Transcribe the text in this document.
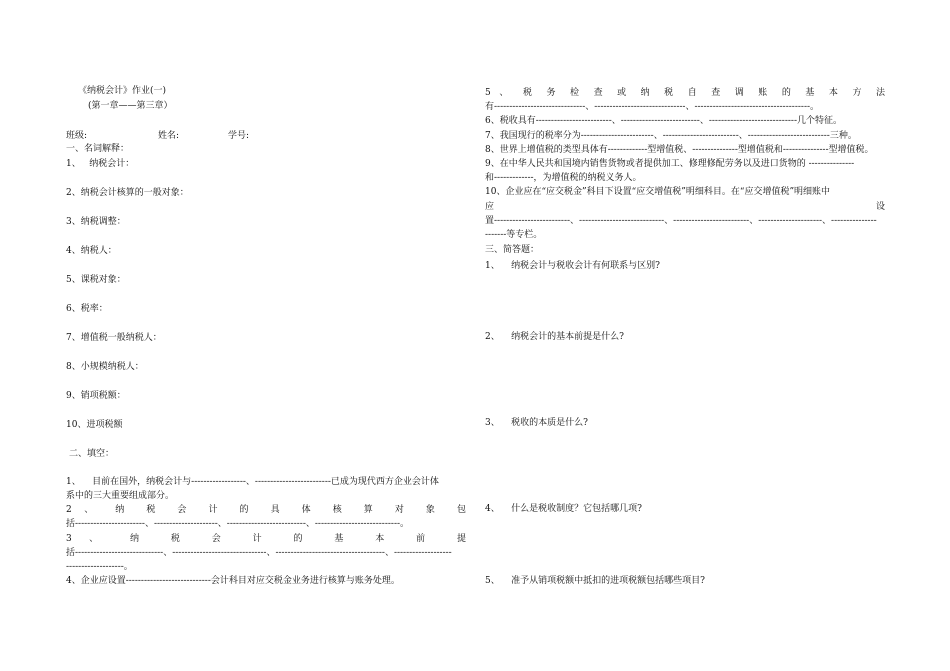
《纳税会计》作业(一)
(第一章——第三章）
班级:	姓名:	学号:
一、名词解释：
1、   纳税会计：
2、纳税会计核算的一般对象：
3、纳税调整：
4、纳税人：
5、课税对象：
6、税率：
7、增值税一般纳税人：
8、小规模纳税人：
9、销项税额：
10、进项税额
二、填空：
1、    目前在国外，纳税会计与------------------、-------------------------已成为现代西方企业会计体
系中的三大重要组成部分。
2 、 纳 税 会 计 的 具 体 核 算 对 象 包
括-----------------------、---------------------、--------------------------、----------------------------。
3 、 纳 税 会 计 的 基 本 前 提
括-----------------------------、-------------------------------、------------------------------------、-------------------
-------------------。
4、企业应设置----------------------------会计科目对应交税金业务进行核算与账务处理。
5 、 税 务 检 查 或 纳 税 自 查 调 账 的 基 本 方 法
有------------------------------、------------------------------、--------------------------------------。
6、税收具有-------------------------、--------------------------、-----------------------------几个特征。
7、我国现行的税率分为------------------------、-------------------------、---------------------------三种。
8、世界上增值税的类型具体有-------------型增值税、---------------型增值税和---------------型增值税。
9、在中华人民共和国境内销售货物或者提供加工、修理修配劳务以及进口货物的 ---------------
和-------------，为增值税的纳税义务人。
10、企业应在“应交税金”科目下设置“应交增值税”明细科目。在“应交增值税”明细账中
应 设
置-------------------------、----------------------------、-------------------------、---------------------、---------------
-------等专栏。
三、简答题：
1、    纳税会计与税收会计有何联系与区别?
2、    纳税会计的基本前提是什么?
3、    税收的本质是什么?
4、    什么是税收制度？它包括哪几项?
5、    准予从销项税额中抵扣的进项税额包括哪些项目?
